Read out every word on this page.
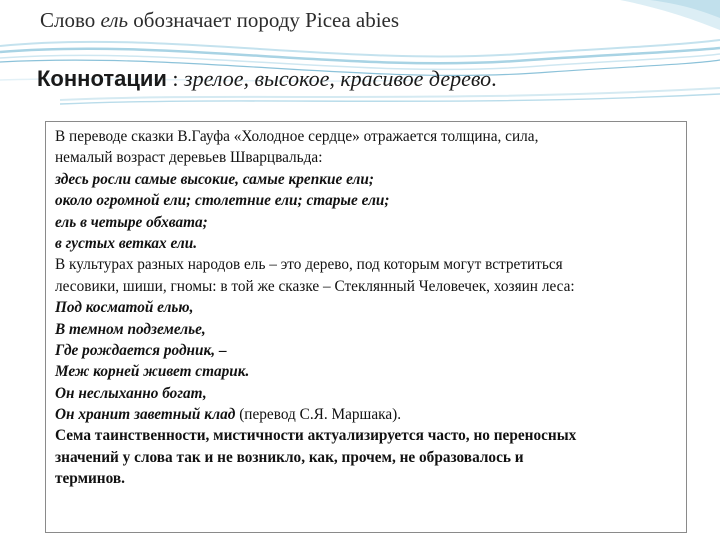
Слово ель обозначает породу Picea abies
Коннотации : зрелое, высокое, красивое дерево.
В переводе сказки В.Гауфа «Холодное сердце» отражается толщина, сила,
немалый возраст деревьев Шварцвальда:
здесь росли самые высокие, самые крепкие ели;
около огромной ели; столетние ели; старые ели;
ель в четыре обхвата;
в густых ветках ели.
В культурах разных народов ель – это дерево, под которым могут встретиться
лесовики, шиши, гномы: в той же сказке – Стеклянный Человечек, хозяин леса:
Под косматой елью,
В темном подземелье,
Где рождается родник, –
Меж корней живет старик.
Он неслыханно богат,
Он хранит заветный клад (перевод С.Я. Маршака).
Сема таинственности, мистичности актуализируется часто, но переносных
значений у слова так и не возникло, как, прочем, не образовалось и
терминов.
